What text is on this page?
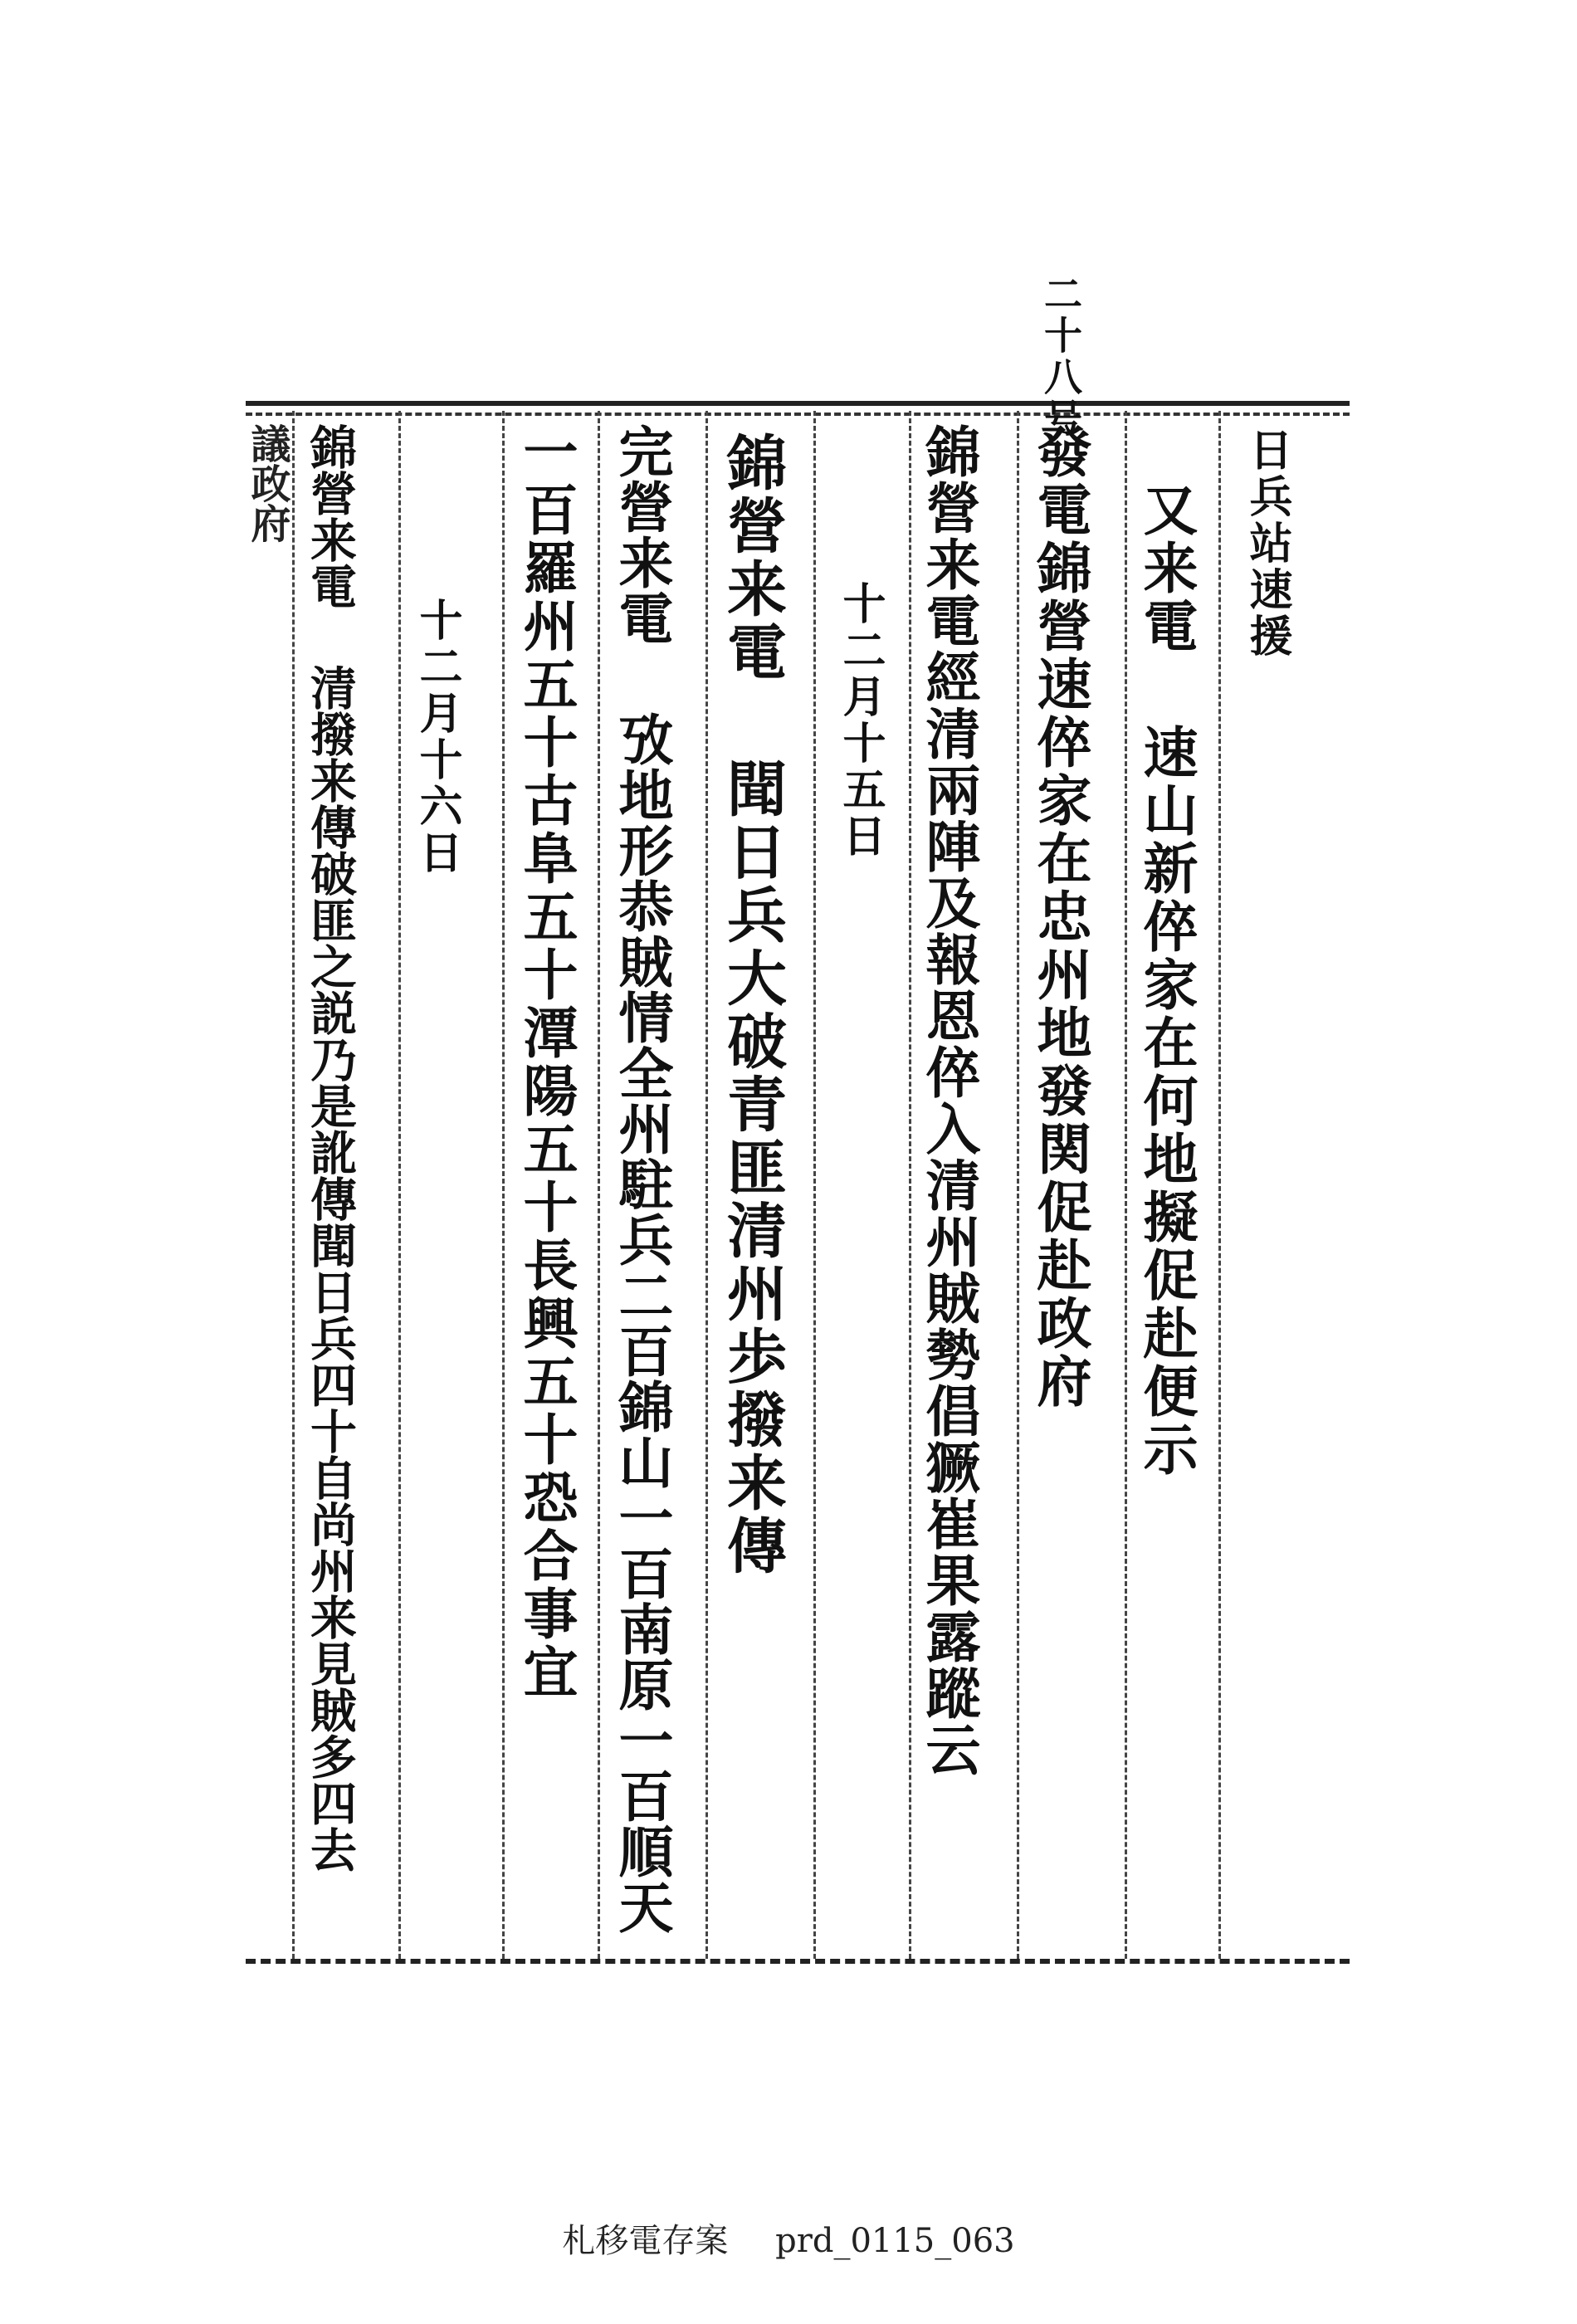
二十八号
議政府	日兵站速援
又来電 速山新倅家在何地擬促赴便示
發電錦營速倅家在忠州地發関促赴政府
錦營来電經清兩陣及報恩倅入清州賊勢倡獗崔果露蹤云
十二月十五日
錦營来電 聞日兵大破青匪清州歩撥来傳
完營来電 攷地形恭賊情全州駐兵二百錦山一百南原一百順天
一百羅州五十古阜五十潭陽五十長興五十恐合事宜
十二月十六日
錦營来電 清撥来傳破匪之説乃是訛傳聞日兵四十自尚州来見賊多四去
札移電存案 prd_0115_063
